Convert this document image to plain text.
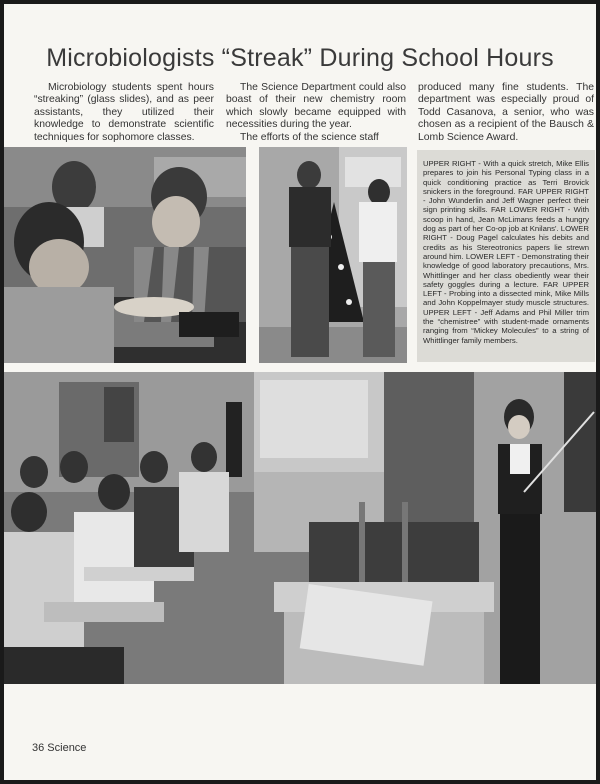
Microbiologists “Streak” During School Hours

Microbiology students spent hours “streaking” (glass slides), and as peer assistants, they utilized their knowledge to demonstrate scientific techniques for sophomore classes.

The Science Department could also boast of their new chemistry room which slowly became equipped with necessities during the year.

The efforts of the science staff

produced many fine students. The department was especially proud of Todd Casanova, a senior, who was chosen as a recipient of the Bausch & Lomb Science Award.

UPPER RIGHT - With a quick stretch, Mike Ellis prepares to join his Personal Typing class in a quick conditioning practice as Terri Brovick snickers in the foreground. FAR UPPER RIGHT - John Wunderlin and Jeff Wagner perfect their sign printing skills. FAR LOWER RIGHT - With scoop in hand, Jean McLimans feeds a hungry dog as part of her Co-op job at Knilans'. LOWER RIGHT - Doug Pagel calculates his debits and credits as his Stereotronics papers lie strewn around him. LOWER LEFT - Demonstrating their knowledge of good laboratory precautions, Mrs. Whittlinger and her class obediently wear their safety goggles during a lecture. FAR UPPER LEFT - Probing into a dissected mink, Mike Mills and John Koppelmayer study muscle structures. UPPER LEFT - Jeff Adams and Phil Miller trim the “chemistree” with student-made ornaments ranging from “Mickey Molecules” to a string of Whittlinger family members.

36 Science
